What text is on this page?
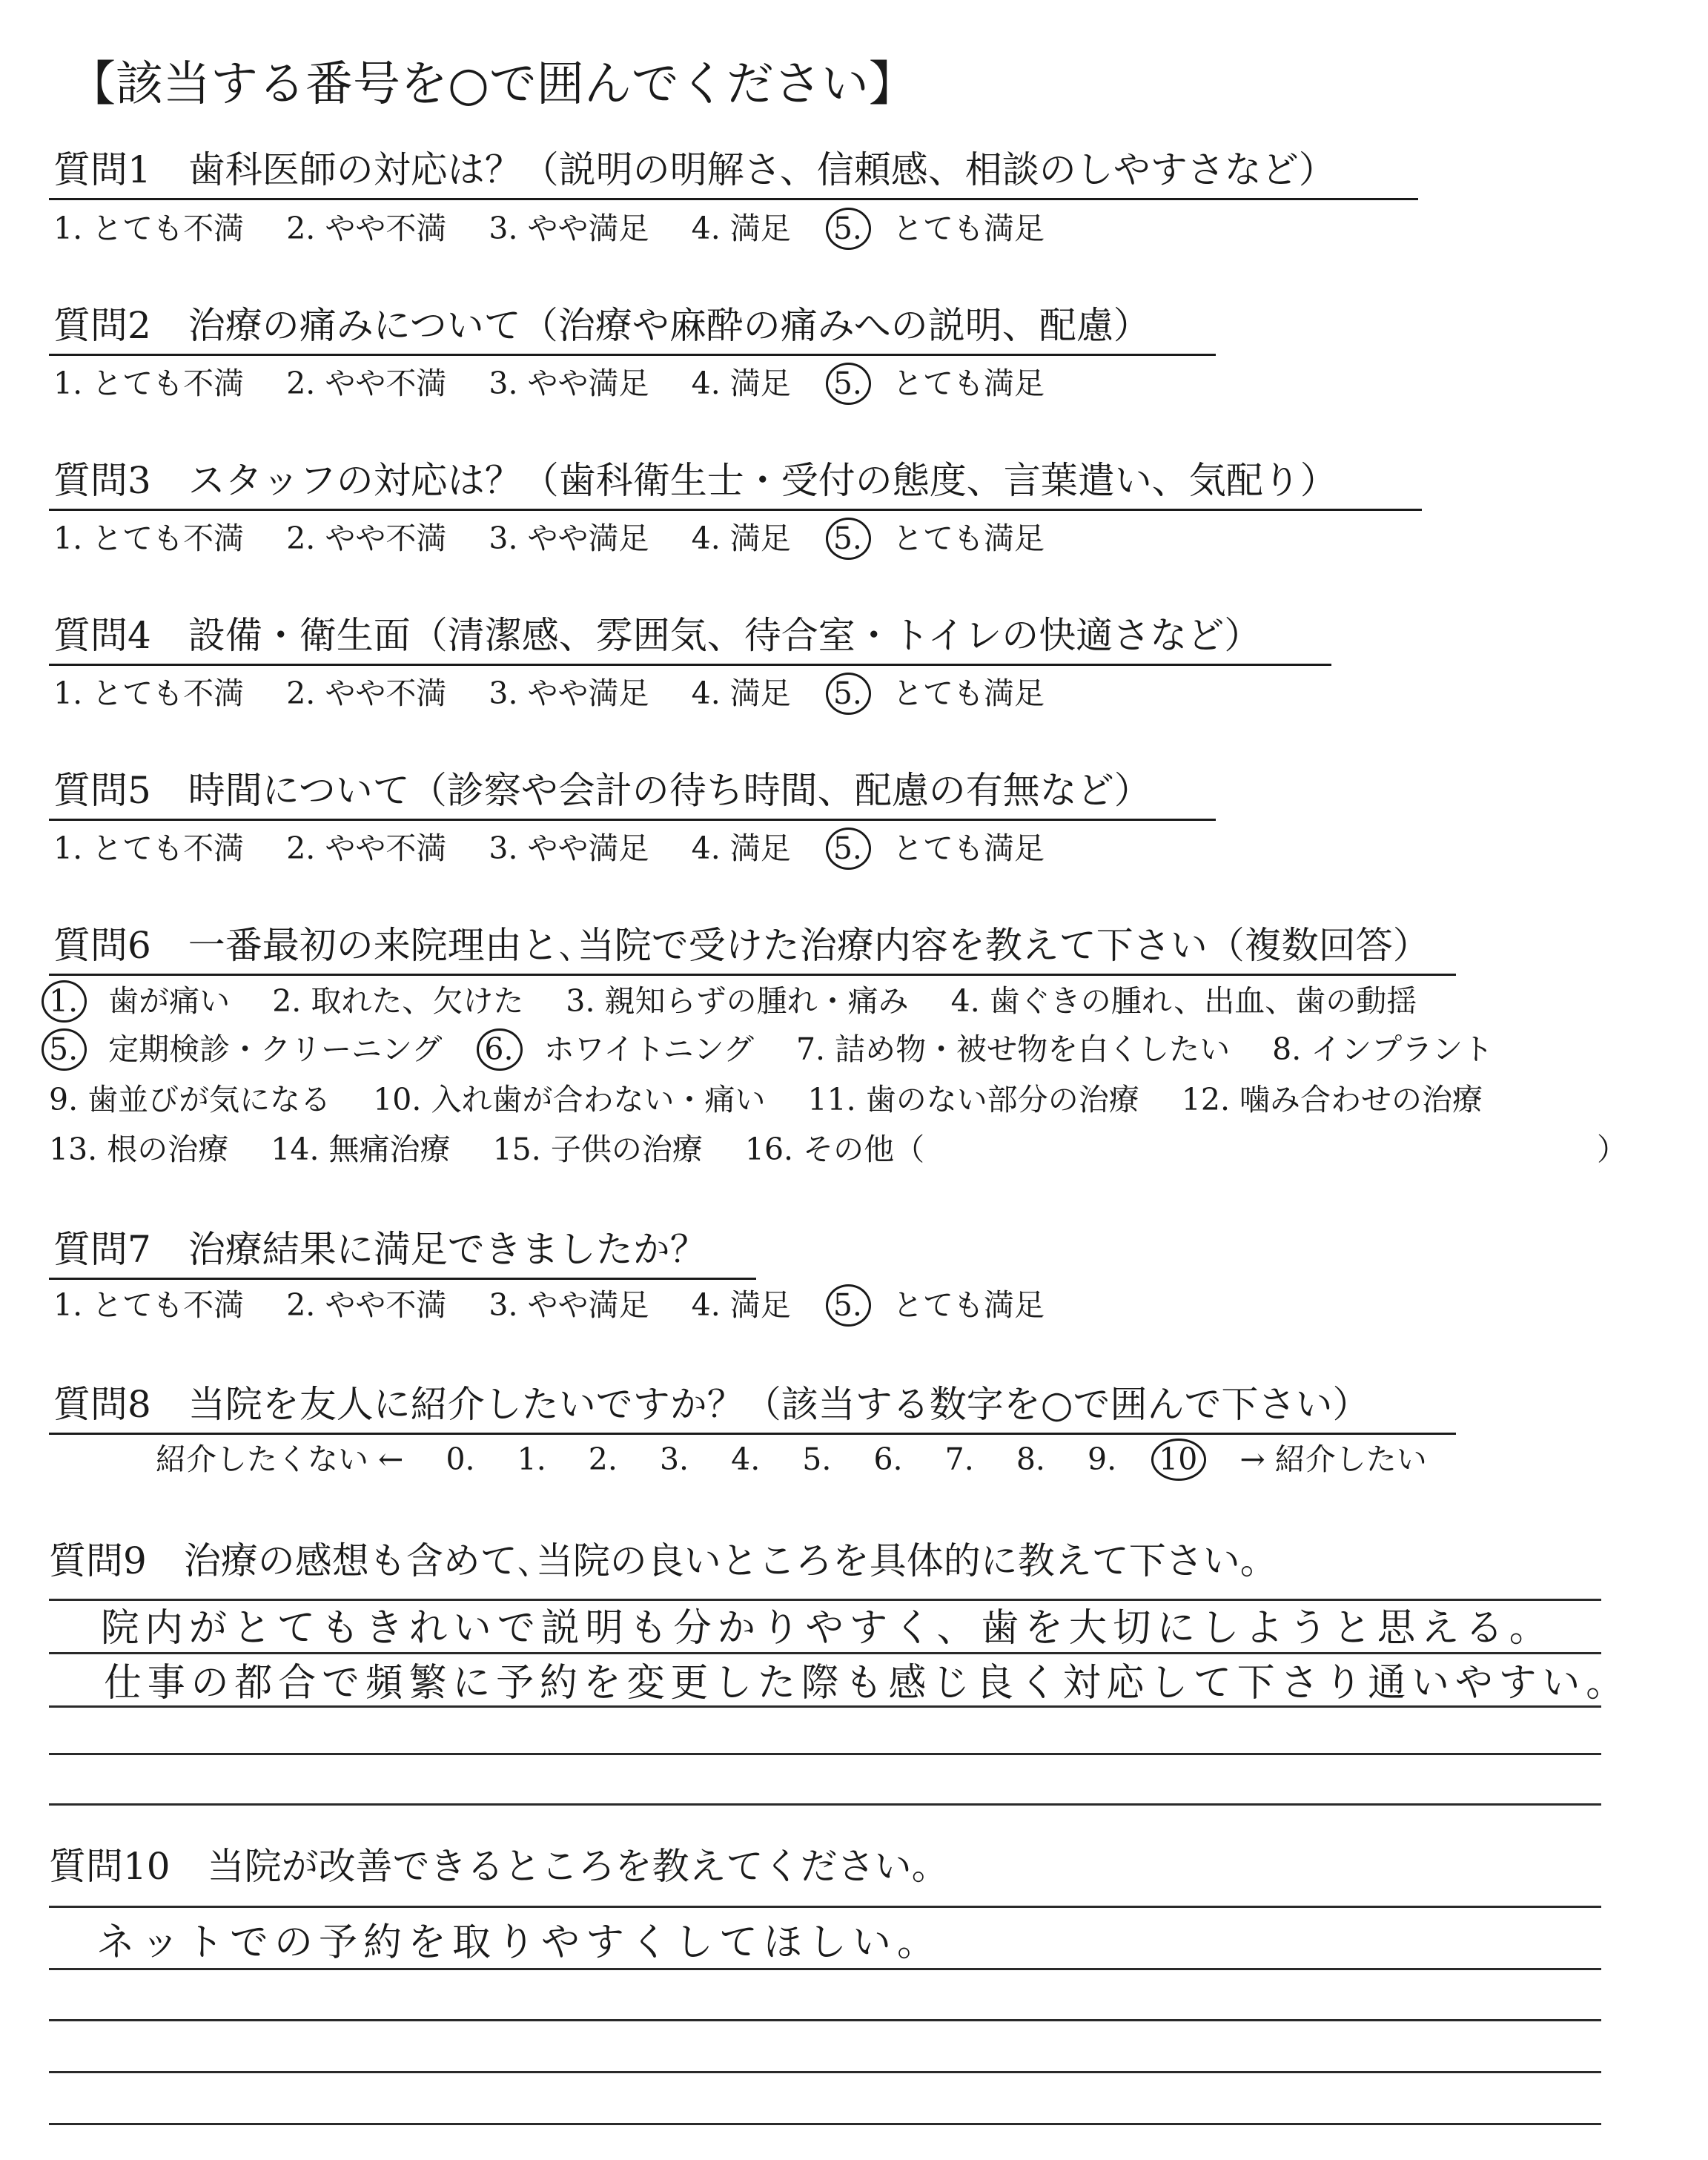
【該当する番号を○で囲んでください】
質問1　歯科医師の対応は？（説明の明解さ、信頼感、相談のしやすさなど）
1. とても不満 2. やや不満 3. やや満足 4. 満足 5. とても満足
質問2　治療の痛みについて（治療や麻酔の痛みへの説明、配慮）
1. とても不満 2. やや不満 3. やや満足 4. 満足 5. とても満足
質問3　スタッフの対応は？（歯科衛生士・受付の態度、言葉遣い、気配り）
1. とても不満 2. やや不満 3. やや満足 4. 満足 5. とても満足
質問4　設備・衛生面（清潔感、雰囲気、待合室・トイレの快適さなど）
1. とても不満 2. やや不満 3. やや満足 4. 満足 5. とても満足
質問5　時間について（診察や会計の待ち時間、配慮の有無など）
1. とても不満 2. やや不満 3. やや満足 4. 満足 5. とても満足
質問6　一番最初の来院理由と､当院で受けた治療内容を教えて下さい（複数回答）
1. 歯が痛い 2. 取れた、欠けた 3. 親知らずの腫れ・痛み 4. 歯ぐきの腫れ、出血、歯の動揺
5. 定期検診・クリーニング 6. ホワイトニング 7. 詰め物・被せ物を白くしたい 8. インプラント
9. 歯並びが気になる 10. 入れ歯が合わない・痛い 11. 歯のない部分の治療 12. 噛み合わせの治療
13. 根の治療 14. 無痛治療 15. 子供の治療 16. その他（	）
質問7　治療結果に満足できましたか？
1. とても不満 2. やや不満 3. やや満足 4. 満足 5. とても満足
質問8　当院を友人に紹介したいですか？（該当する数字を○で囲んで下さい）
紹介したくない ← 0. 1. 2. 3. 4. 5. 6. 7. 8. 9. 10 → 紹介したい
質問9　治療の感想も含めて､当院の良いところを具体的に教えて下さい。
院内がとてもきれいで説明も分かりやすく、歯を大切にしようと思える。
仕事の都合で頻繁に予約を変更した際も感じ良く対応して下さり通いやすい。
質問10　当院が改善できるところを教えてください。
ネットでの予約を取りやすくしてほしい。
